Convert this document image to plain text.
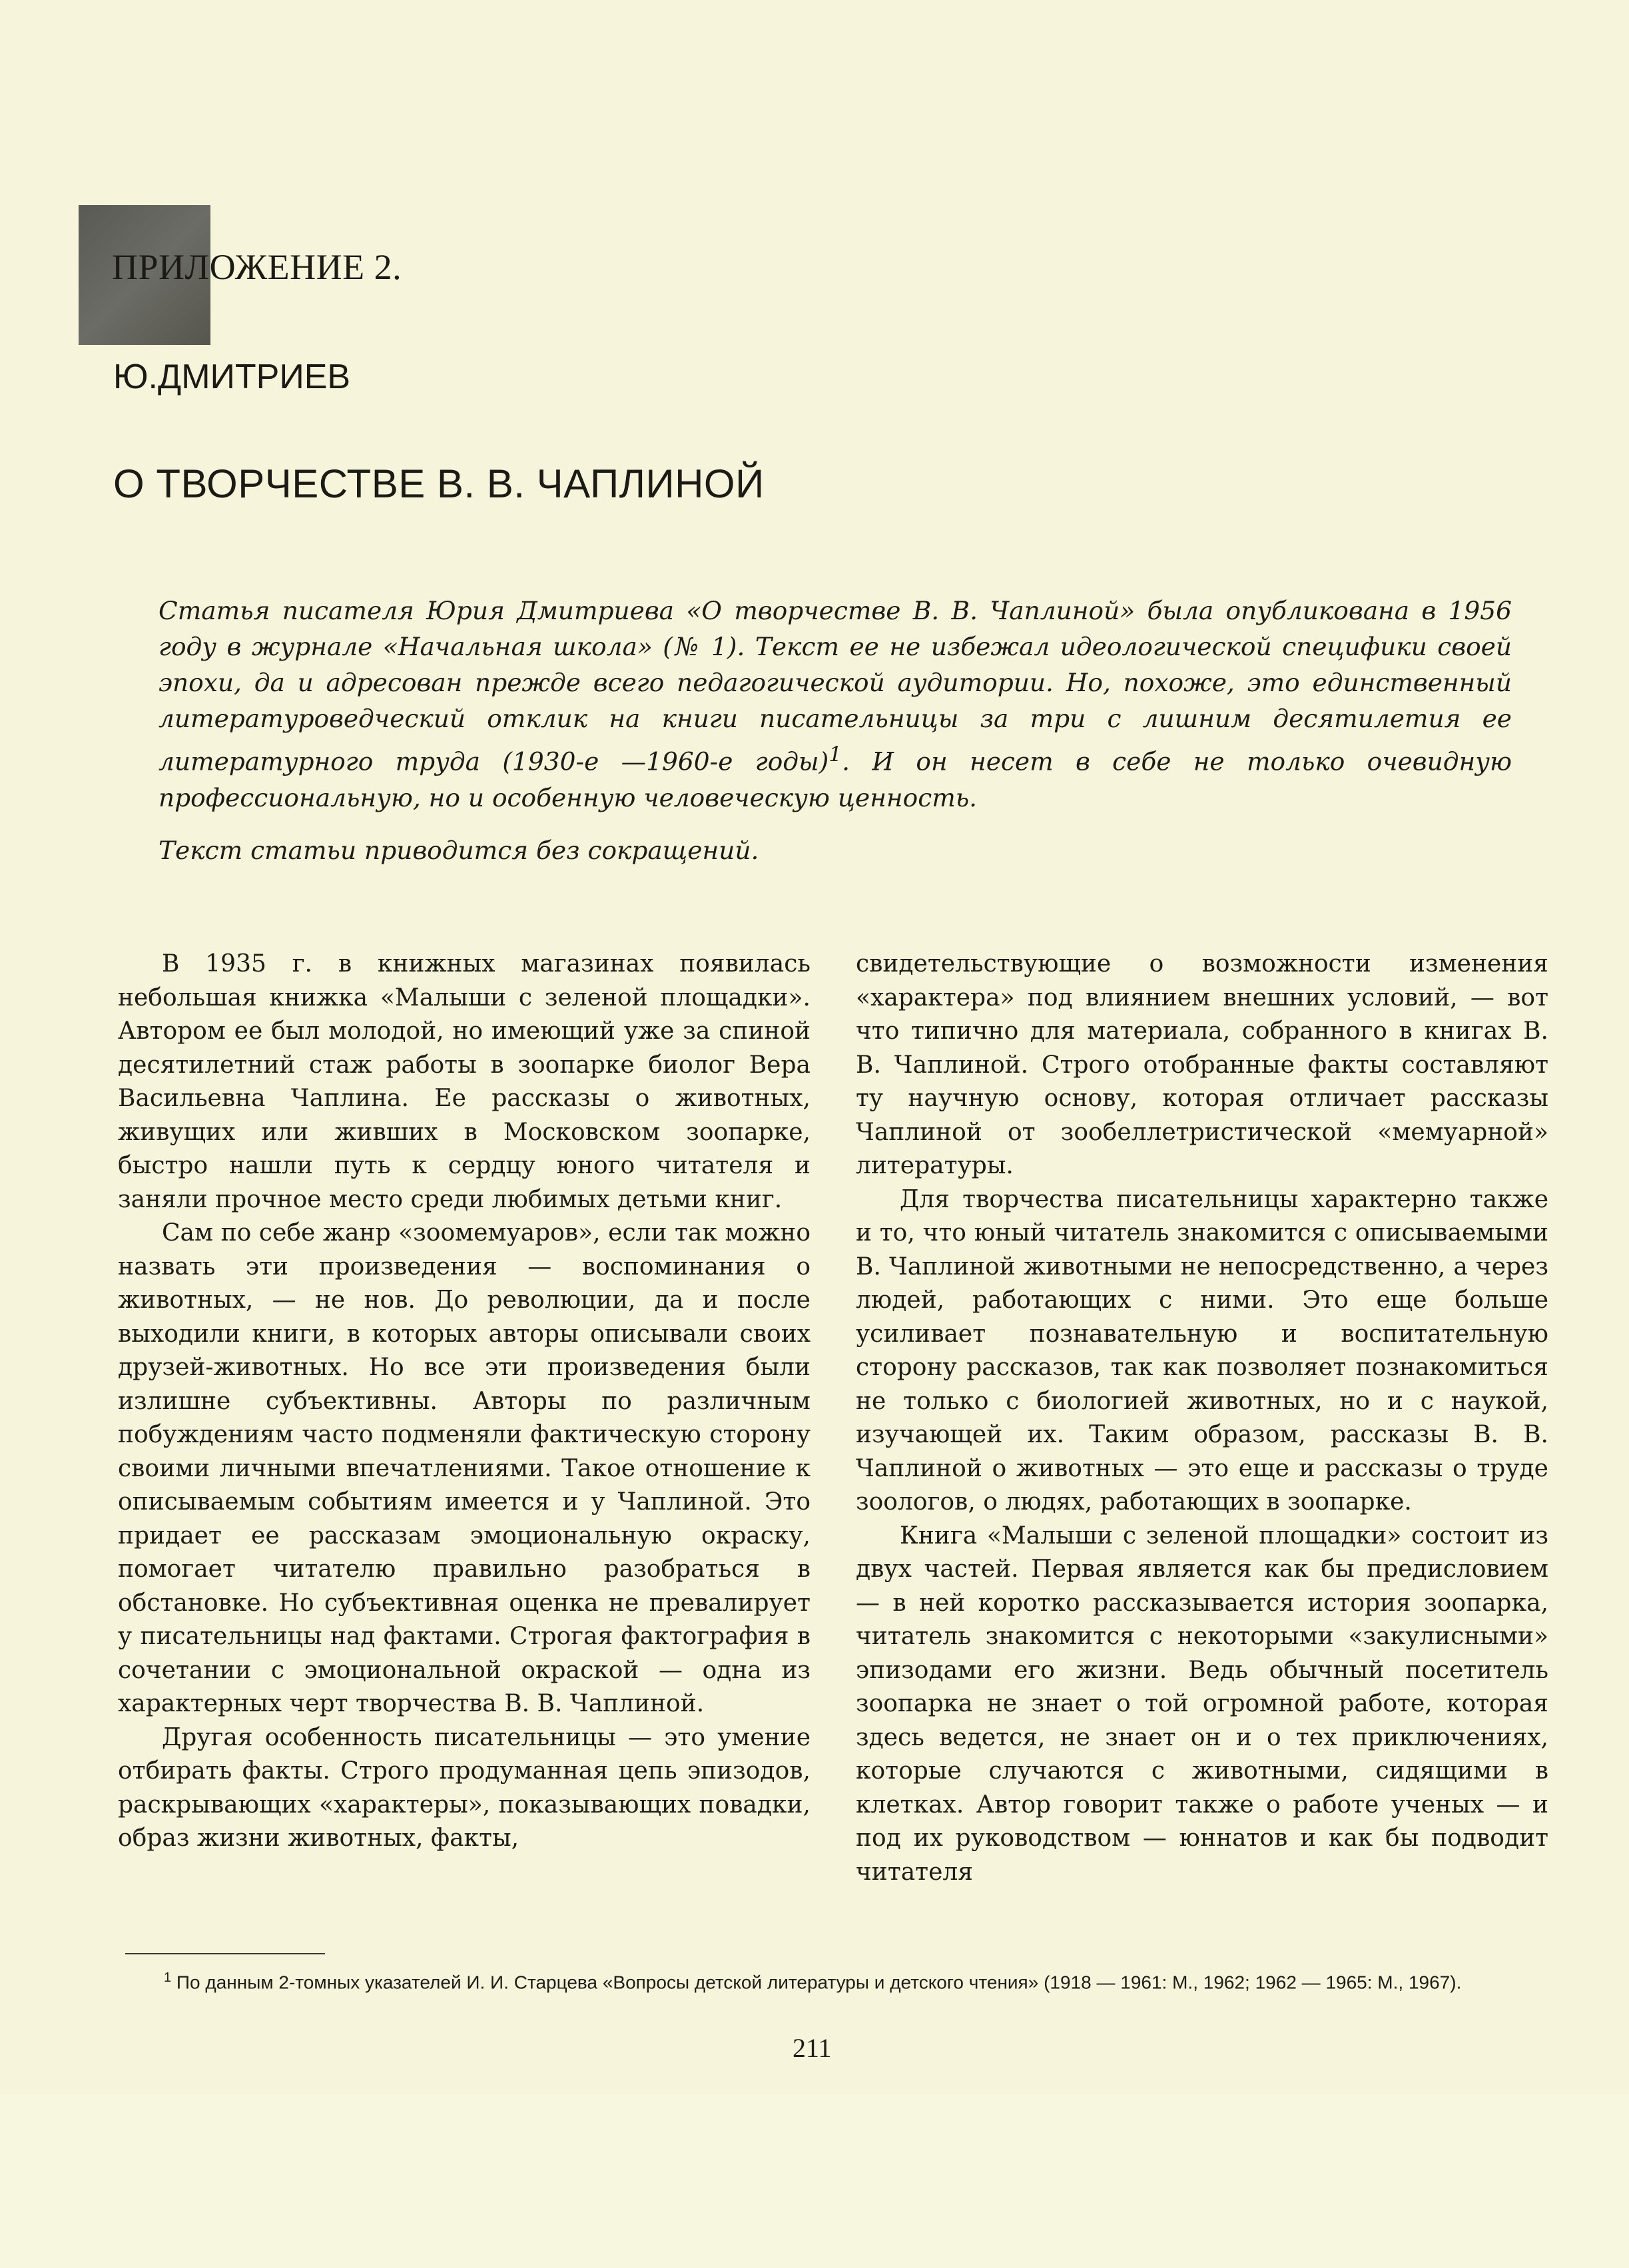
ПРИЛОЖЕНИЕ 2.
Ю.ДМИТРИЕВ
О ТВОРЧЕСТВЕ В. В. ЧАПЛИНОЙ

Статья писателя Юрия Дмитриева «О творчестве В. В. Чаплиной» была опубликована в 1956 году в журнале «Начальная школа» (№ 1). Текст ее не избежал идеологической специфики своей эпохи, да и адресован прежде всего педагогической аудитории. Но, похоже, это единственный литературоведческий отклик на книги писательницы за три с лишним десятилетия ее литературного труда (1930-е —1960-е годы)$^1$. И он несет в себе не только очевидную профессиональную, но и особенную человеческую ценность.

Текст статьи приводится без сокращений.

В 1935 г. в книжных магазинах появилась небольшая книжка «Малыши с зеленой площадки». Автором ее был молодой, но имеющий уже за спиной десятилетний стаж работы в зоопарке биолог Вера Васильевна Чаплина. Ее рассказы о животных, живущих или живших в Московском зоопарке, быстро нашли путь к сердцу юного читателя и заняли прочное место среди любимых детьми книг.

Сам по себе жанр «зоомемуаров», если так можно назвать эти произведения — воспоминания о животных, — не нов. До революции, да и после выходили книги, в которых авторы описывали своих друзей-животных. Но все эти произведения были излишне субъективны. Авторы по различным побуждениям часто подменяли фактическую сторону своими личными впечатлениями. Такое отношение к описываемым событиям имеется и у Чаплиной. Это придает ее рассказам эмоциональную окраску, помогает читателю правильно разобраться в обстановке. Но субъективная оценка не превалирует у писательницы над фактами. Строгая фактография в сочетании с эмоциональной окраской — одна из характерных черт творчества В. В. Чаплиной.

Другая особенность писательницы — это умение отбирать факты. Строго продуманная цепь эпизодов, раскрывающих «характеры», показывающих повадки, образ жизни животных, факты,

свидетельствующие о возможности изменения «характера» под влиянием внешних условий, — вот что типично для материала, собранного в книгах В. В. Чаплиной. Строго отобранные факты составляют ту научную основу, которая отличает рассказы Чаплиной от зообеллетристической «мемуарной» литературы.

Для творчества писательницы характерно также и то, что юный читатель знакомится с описываемыми В. Чаплиной животными не непосредственно, а через людей, работающих с ними. Это еще больше усиливает познавательную и воспитательную сторону рассказов, так как позволяет познакомиться не только с биологией животных, но и с наукой, изучающей их. Таким образом, рассказы В. В. Чаплиной о животных — это еще и рассказы о труде зоологов, о людях, работающих в зоопарке.

Книга «Малыши с зеленой площадки» состоит из двух частей. Первая является как бы предисловием — в ней коротко рассказывается история зоопарка, читатель знакомится с некоторыми «закулисными» эпизодами его жизни. Ведь обычный посетитель зоопарка не знает о той огромной работе, которая здесь ведется, не знает он и о тех приключениях, которые случаются с животными, сидящими в клетках. Автор говорит также о работе ученых — и под их руководством — юннатов и как бы подводит читателя

$^1$ По данным 2-томных указателей И. И. Старцева «Вопросы детской литературы и детского чтения» (1918 — 1961: М., 1962; 1962 — 1965: М., 1967).
211
